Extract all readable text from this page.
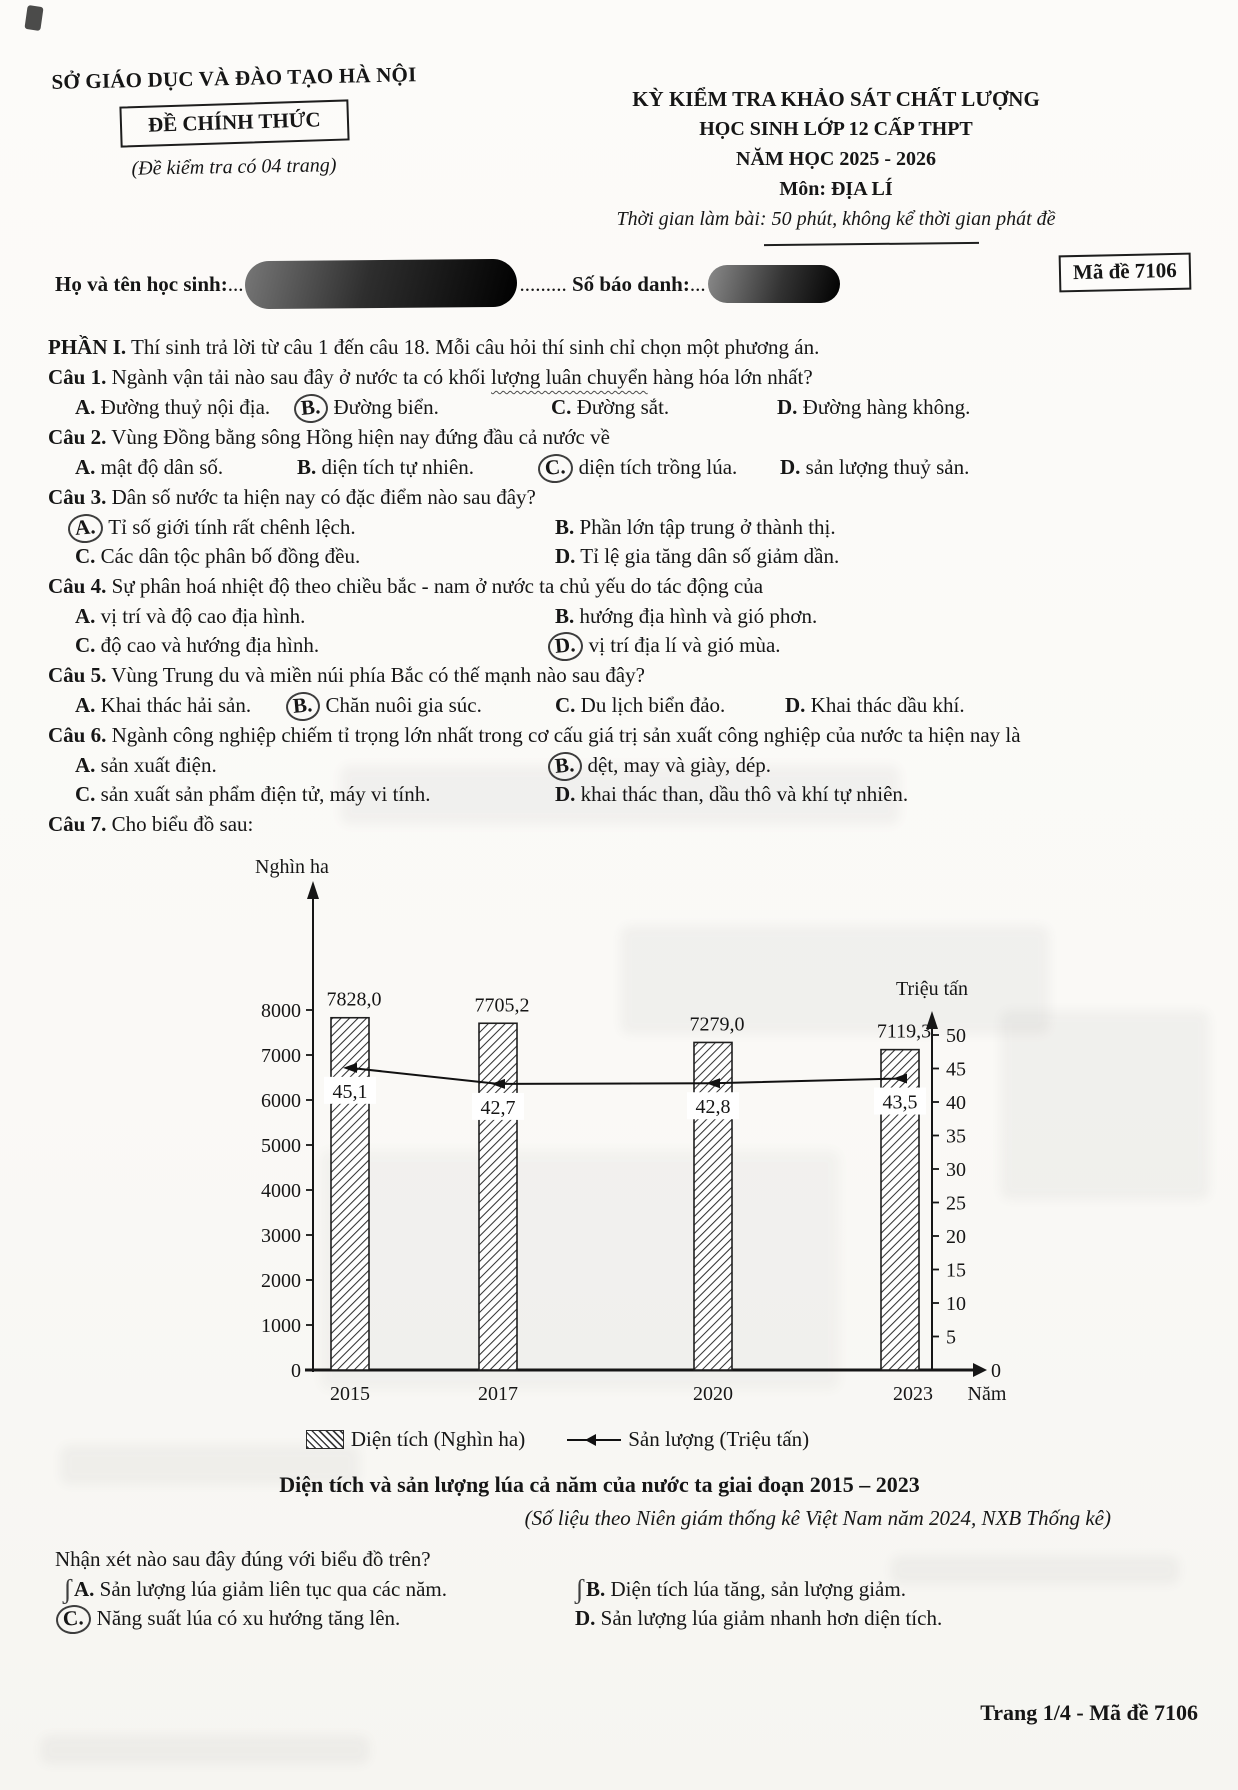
SỞ GIÁO DỤC VÀ ĐÀO TẠO HÀ NỘI
ĐỀ CHÍNH THỨC
(Đề kiểm tra có 04 trang)
KỲ KIỂM TRA KHẢO SÁT CHẤT LƯỢNG
HỌC SINH LỚP 12 CẤP THPT
NĂM HỌC 2025 - 2026
Môn: ĐỊA LÍ
Thời gian làm bài: 50 phút, không kể thời gian phát đề
Họ và tên học sinh:...	......... Số báo danh:...	Mã đề 7106

PHẦN I. Thí sinh trả lời từ câu 1 đến câu 18. Mỗi câu hỏi thí sinh chỉ chọn một phương án.

Câu 1. Ngành vận tải nào sau đây ở nước ta có khối lượng luân chuyển hàng hóa lớn nhất?

A. Đường thuỷ nội địa.	B. Đường biển.	C. Đường sắt.	D. Đường hàng không.

Câu 2. Vùng Đồng bằng sông Hồng hiện nay đứng đầu cả nước về

A. mật độ dân số.	B. diện tích tự nhiên.	C. diện tích trồng lúa.	D. sản lượng thuỷ sản.

Câu 3. Dân số nước ta hiện nay có đặc điểm nào sau đây?

A. Tỉ số giới tính rất chênh lệch.	B. Phần lớn tập trung ở thành thị.
C. Các dân tộc phân bố đồng đều.	D. Tỉ lệ gia tăng dân số giảm dần.

Câu 4. Sự phân hoá nhiệt độ theo chiều bắc - nam ở nước ta chủ yếu do tác động của

A. vị trí và độ cao địa hình.	B. hướng địa hình và gió phơn.
C. độ cao và hướng địa hình.	D. vị trí địa lí và gió mùa.

Câu 5. Vùng Trung du và miền núi phía Bắc có thế mạnh nào sau đây?

A. Khai thác hải sản.	B. Chăn nuôi gia súc.	C. Du lịch biển đảo.	D. Khai thác dầu khí.

Câu 6. Ngành công nghiệp chiếm tỉ trọng lớn nhất trong cơ cấu giá trị sản xuất công nghiệp của nước ta hiện nay là

A. sản xuất điện.	B. dệt, may và giày, dép.
C. sản xuất sản phẩm điện tử, máy vi tính.	D. khai thác than, dầu thô và khí tự nhiên.

Câu 7. Cho biểu đồ sau:

Nghìn ha
0
1000
2000
3000
4000
5000
6000
7000
8000
Triệu tấn
5
10
15
20
25
30
35
40
45
50
0
2015	2017	2020	2023 Năm
7828,0	7705,2
7279,0	7119,3
45,1
42,7	42,8	43,5
Diện tích (Nghìn ha)	Sản lượng (Triệu tấn)
Diện tích và sản lượng lúa cả năm của nước ta giai đoạn 2015 – 2023
(Số liệu theo Niên giám thống kê Việt Nam năm 2024, NXB Thống kê)

Nhận xét nào sau đây đúng với biểu đồ trên?

ʃA. Sản lượng lúa giảm liên tục qua các năm.	ʃB. Diện tích lúa tăng, sản lượng giảm.
C. Năng suất lúa có xu hướng tăng lên.	D. Sản lượng lúa giảm nhanh hơn diện tích.
Trang 1/4 - Mã đề 7106
